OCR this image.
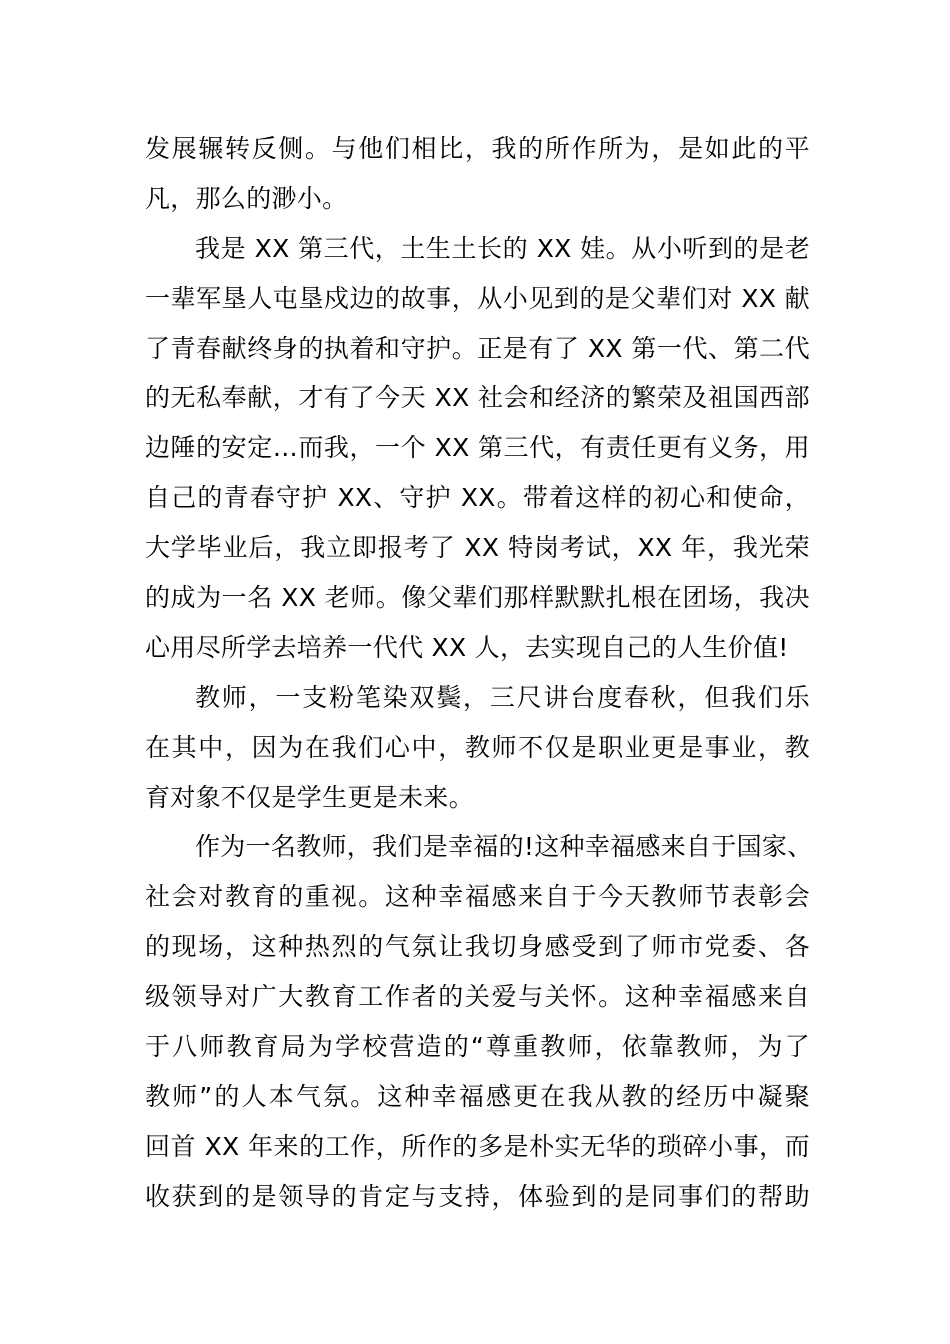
发展辗转反侧。与他们相比，我的所作所为，是如此的平
凡，那么的渺小。
我是 XX 第三代，土生土长的 XX 娃。从小听到的是老
一辈军垦人屯垦戍边的故事，从小见到的是父辈们对 XX 献
了青春献终身的执着和守护。正是有了 XX 第一代、第二代
的无私奉献，才有了今天 XX 社会和经济的繁荣及祖国西部
边陲的安定…而我，一个 XX 第三代，有责任更有义务，用
自己的青春守护 XX、守护 XX。带着这样的初心和使命，
大学毕业后，我立即报考了 XX 特岗考试，XX 年，我光荣
的成为一名 XX 老师。像父辈们那样默默扎根在团场，我决
心用尽所学去培养一代代 XX 人，去实现自己的人生价值!
教师，一支粉笔染双鬓，三尺讲台度春秋，但我们乐
在其中，因为在我们心中，教师不仅是职业更是事业，教
育对象不仅是学生更是未来。
作为一名教师，我们是幸福的!这种幸福感来自于国家、
社会对教育的重视。这种幸福感来自于今天教师节表彰会
的现场，这种热烈的气氛让我切身感受到了师市党委、各
级领导对广大教育工作者的关爱与关怀。这种幸福感来自
于八师教育局为学校营造的“尊重教师，依靠教师，为了
教师”的人本气氛。这种幸福感更在我从教的经历中凝聚
回首 XX 年来的工作，所作的多是朴实无华的琐碎小事，而
收获到的是领导的肯定与支持，体验到的是同事们的帮助
